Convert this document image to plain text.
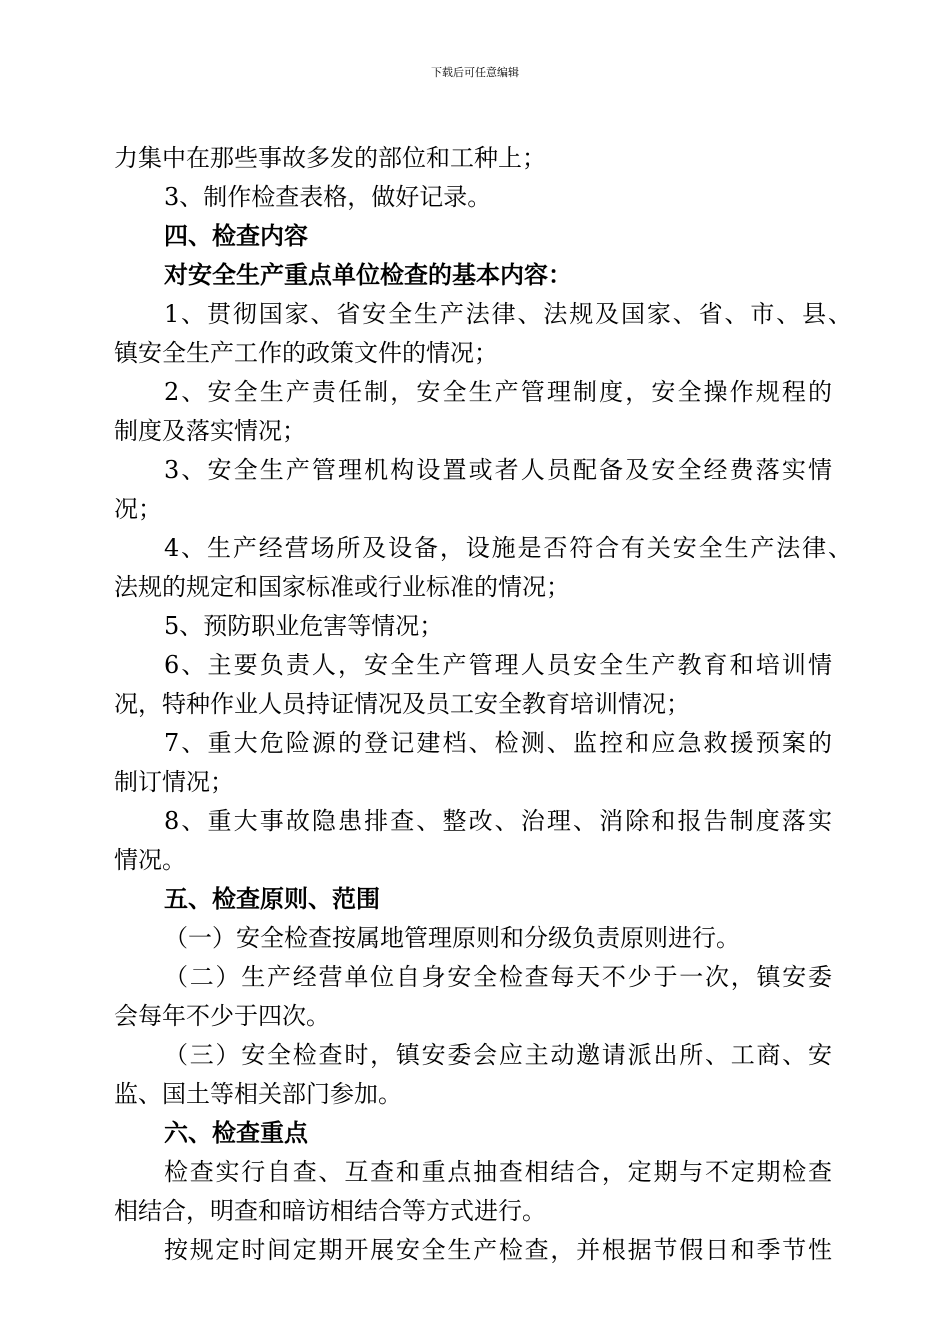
下载后可任意编辑
力集中在那些事故多发的部位和工种上；
3、制作检查表格，做好记录。
四、检查内容
对安全生产重点单位检查的基本内容：
1、贯彻国家、省安全生产法律、法规及国家、省、市、县、
镇安全生产工作的政策文件的情况；
2、安全生产责任制，安全生产管理制度，安全操作规程的
制度及落实情况；
3、安全生产管理机构设置或者人员配备及安全经费落实情
况；
4、生产经营场所及设备，设施是否符合有关安全生产法律、
法规的规定和国家标准或行业标准的情况；
5、预防职业危害等情况；
6、主要负责人，安全生产管理人员安全生产教育和培训情
况，特种作业人员持证情况及员工安全教育培训情况；
7、重大危险源的登记建档、检测、监控和应急救援预案的
制订情况；
8、重大事故隐患排查、整改、治理、消除和报告制度落实
情况。
五、检查原则、范围
（一）安全检查按属地管理原则和分级负责原则进行。
（二）生产经营单位自身安全检查每天不少于一次，镇安委
会每年不少于四次。
（三）安全检查时，镇安委会应主动邀请派出所、工商、安
监、国土等相关部门参加。
六、检查重点
检查实行自查、互查和重点抽查相结合，定期与不定期检查
相结合，明查和暗访相结合等方式进行。
按规定时间定期开展安全生产检查，并根据节假日和季节性
